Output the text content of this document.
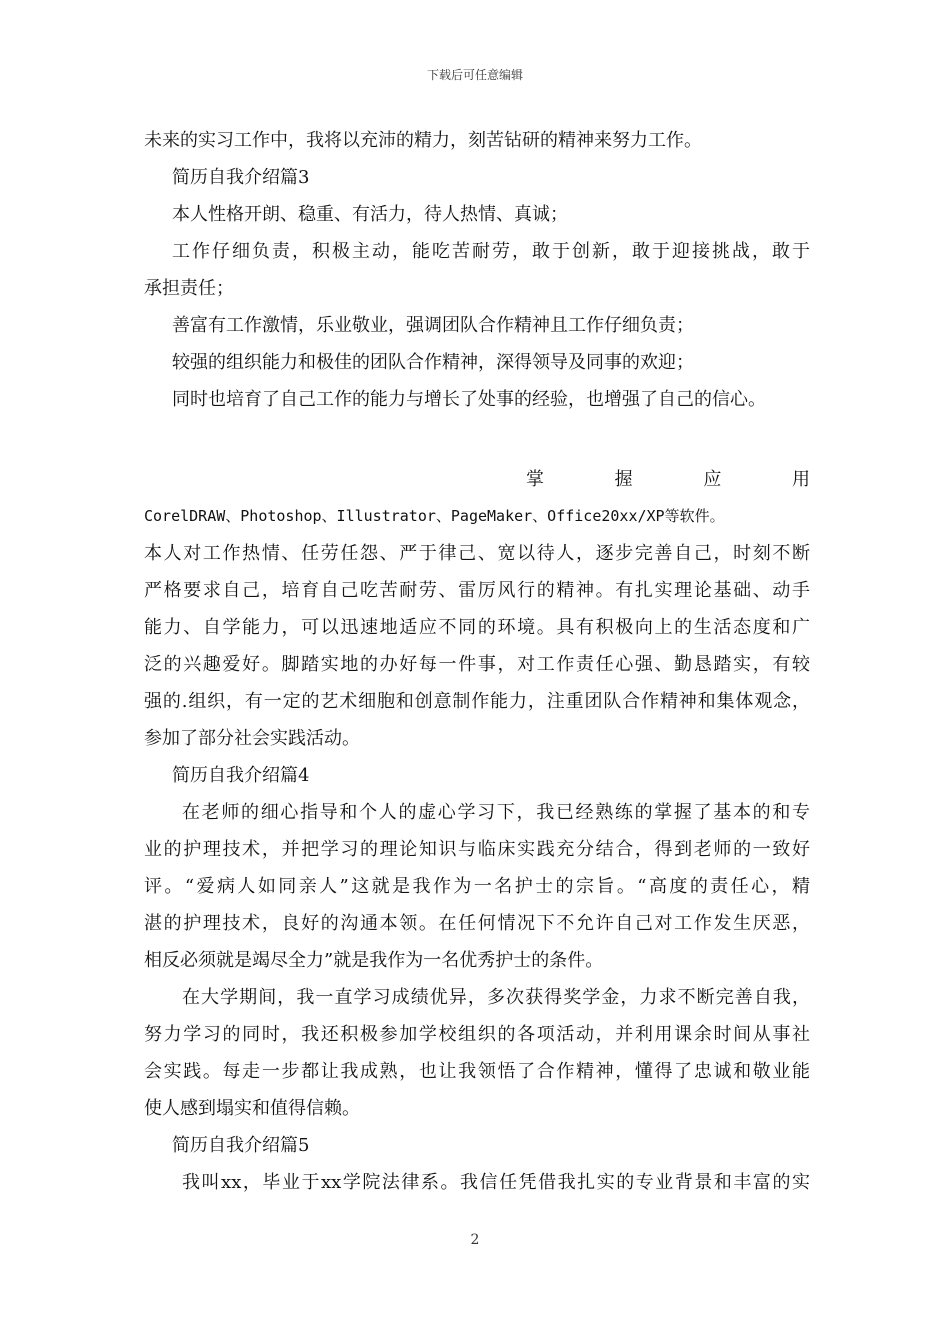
下载后可任意编辑
未来的实习工作中，我将以充沛的精力，刻苦钻研的精神来努力工作。
简历自我介绍篇3
本人性格开朗、稳重、有活力，待人热情、真诚；
工作仔细负责，积极主动，能吃苦耐劳，敢于创新，敢于迎接挑战，敢于
承担责任；
善富有工作激情，乐业敬业，强调团队合作精神且工作仔细负责；
较强的组织能力和极佳的团队合作精神，深得领导及同事的欢迎；
同时也培育了自己工作的能力与增长了处事的经验，也增强了自己的信心。
掌	握	应	用
CorelDRAW、Photoshop、Illustrator、PageMaker、Office20xx/XP等软件。
本人对工作热情、任劳任怨、严于律己、宽以待人，逐步完善自己，时刻不断
严格要求自己，培育自己吃苦耐劳、雷厉风行的精神。有扎实理论基础、动手
能力、自学能力，可以迅速地适应不同的环境。具有积极向上的生活态度和广
泛的兴趣爱好。脚踏实地的办好每一件事，对工作责任心强、勤恳踏实，有较
强的.组织，有一定的艺术细胞和创意制作能力，注重团队合作精神和集体观念，
参加了部分社会实践活动。
简历自我介绍篇4
在老师的细心指导和个人的虚心学习下，我已经熟练的掌握了基本的和专
业的护理技术，并把学习的理论知识与临床实践充分结合，得到老师的一致好
评。“爱病人如同亲人”这就是我作为一名护士的宗旨。“高度的责任心，精
湛的护理技术，良好的沟通本领。在任何情况下不允许自己对工作发生厌恶，
相反必须就是竭尽全力”就是我作为一名优秀护士的条件。
在大学期间，我一直学习成绩优异，多次获得奖学金，力求不断完善自我，
努力学习的同时，我还积极参加学校组织的各项活动，并利用课余时间从事社
会实践。每走一步都让我成熟，也让我领悟了合作精神，懂得了忠诚和敬业能
使人感到塌实和值得信赖。
简历自我介绍篇5
我叫xx，毕业于xx学院法律系。我信任凭借我扎实的专业背景和丰富的实
2
